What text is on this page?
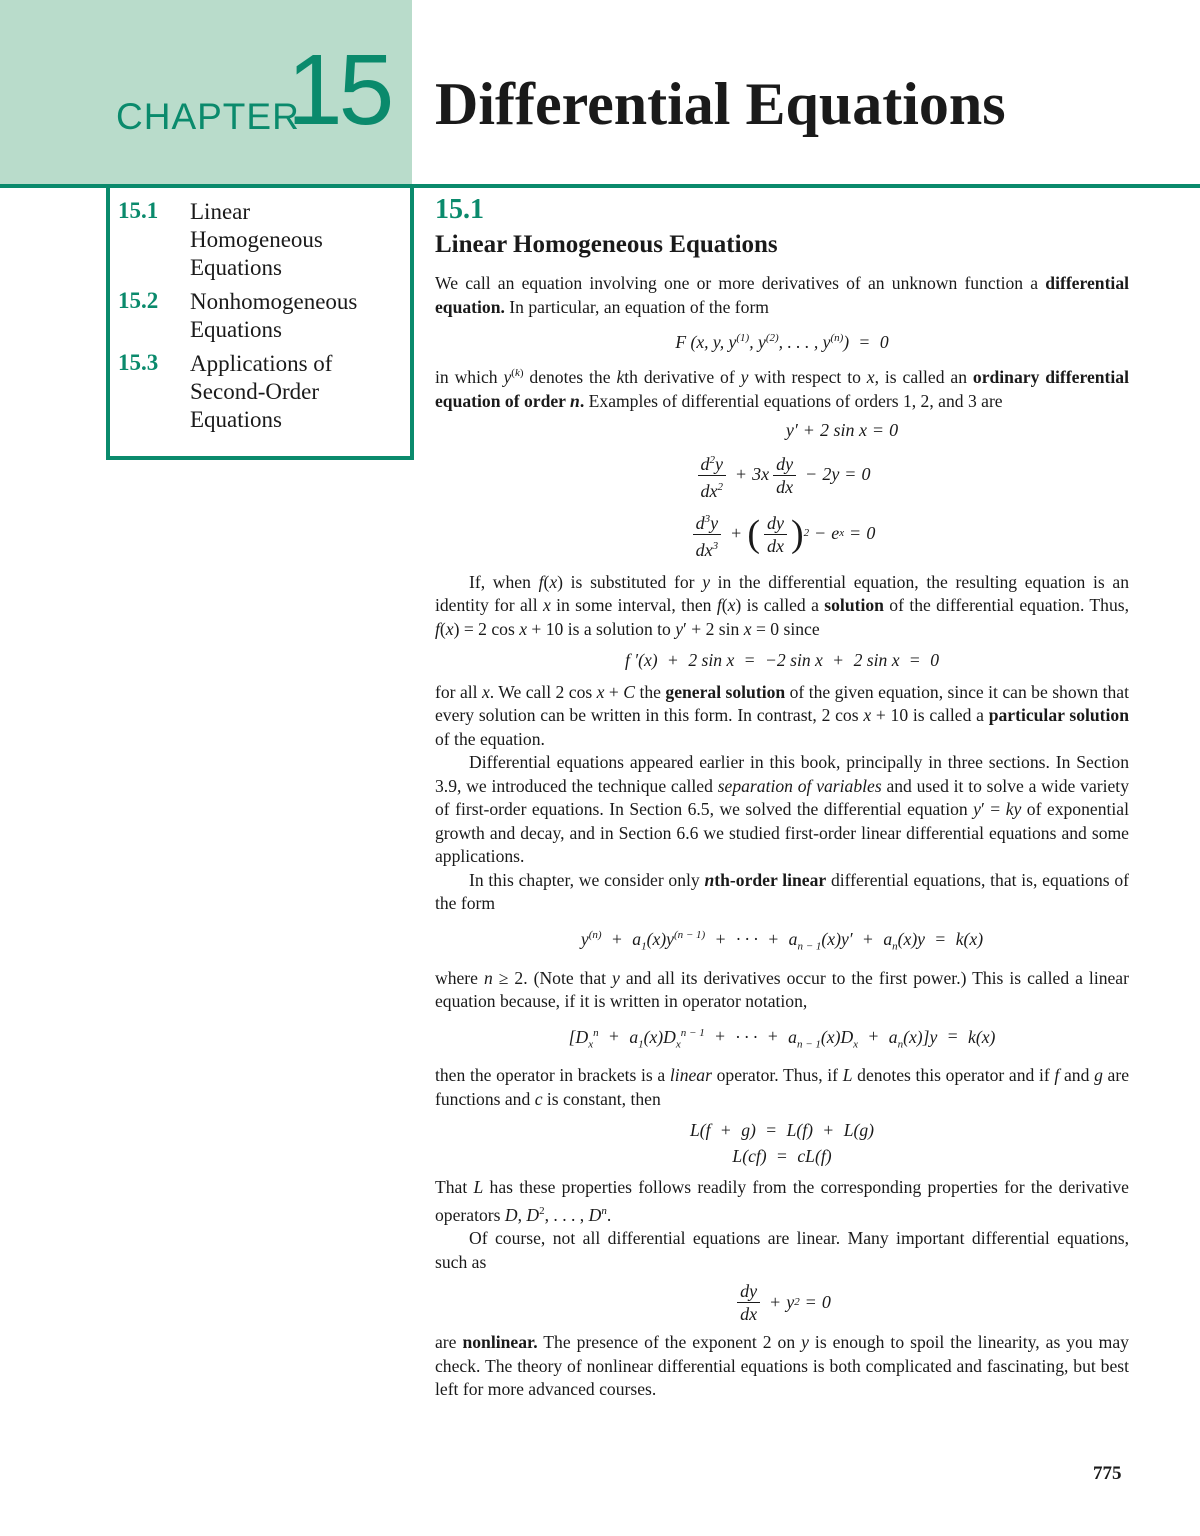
CHAPTER
15 Differential Equations
15.1	Linear Homogeneous Equations
15.2	Nonhomogeneous Equations
15.3	Applications of Second-Order Equations
15.1
Linear Homogeneous Equations

We call an equation involving one or more derivatives of an unknown function a differential equation. In particular, an equation of the form

F (x, y, $y^{(1)}$, $y^{(2)}$, . . . , $y^{(n)}) = 0$

in which $y^{(k)}$ denotes the kth derivative of y with respect to x, is called an ordinary differential equation of order n. Examples of differential equations of orders 1, 2, and 3 are

y′ + 2 sin x = 0
$\frac{d^2y}{dx^2} + 3x \frac{dy}{dx} - 2y = 0$
$\frac{d^3y}{dx^3}$ + ( $\frac{dy}{dx}$ ) 2 − e x = 0

If, when f(x) is substituted for y in the differential equation, the resulting equation is an identity for all x in some interval, then f(x) is called a solution of the differential equation. Thus, f(x) = 2 cos x + 10 is a solution to y′ + 2 sin x = 0 since

f ′(x) + 2 sin x = −2 sin x + 2 sin x = 0

for all x. We call 2 cos x + C the general solution of the given equation, since it can be shown that every solution can be written in this form. In contrast, 2 cos x + 10 is called a particular solution of the equation.

Differential equations appeared earlier in this book, principally in three sections. In Section 3.9, we introduced the technique called separation of variables and used it to solve a wide variety of first-order equations. In Section 6.5, we solved the differential equation y′ = ky of exponential growth and decay, and in Section 6.6 we studied first-order linear differential equations and some applications.

In this chapter, we consider only nth-order linear differential equations, that is, equations of the form

$y^{(n)} + a_1(x)y^{(n - 1)}$ + · · · + $a_{n - 1}(x)y' + a_n(x)y = k(x)$

where n ≥ 2. (Note that y and all its derivatives occur to the first power.) This is called a linear equation because, if it is written in operator notation,

[$D_x^n + a_1(x)D_x^{n - 1}$ + · · · + $a_{n - 1}(x)D_x + a_n(x)]y = k(x)$

then the operator in brackets is a linear operator. Thus, if L denotes this operator and if f and g are functions and c is constant, then

L(f + g) = L(f) + L(g)
L(cf) = cL(f)

That L has these properties follows readily from the corresponding properties for the derivative operators D, $D^2$, . . . , $D^n$.

Of course, not all differential equations are linear. Many important differential equations, such as

$\frac{dy}{dx} + y$ 2 = 0

are nonlinear. The presence of the exponent 2 on y is enough to spoil the linearity, as you may check. The theory of nonlinear differential equations is both complicated and fascinating, but best left for more advanced courses.

775
